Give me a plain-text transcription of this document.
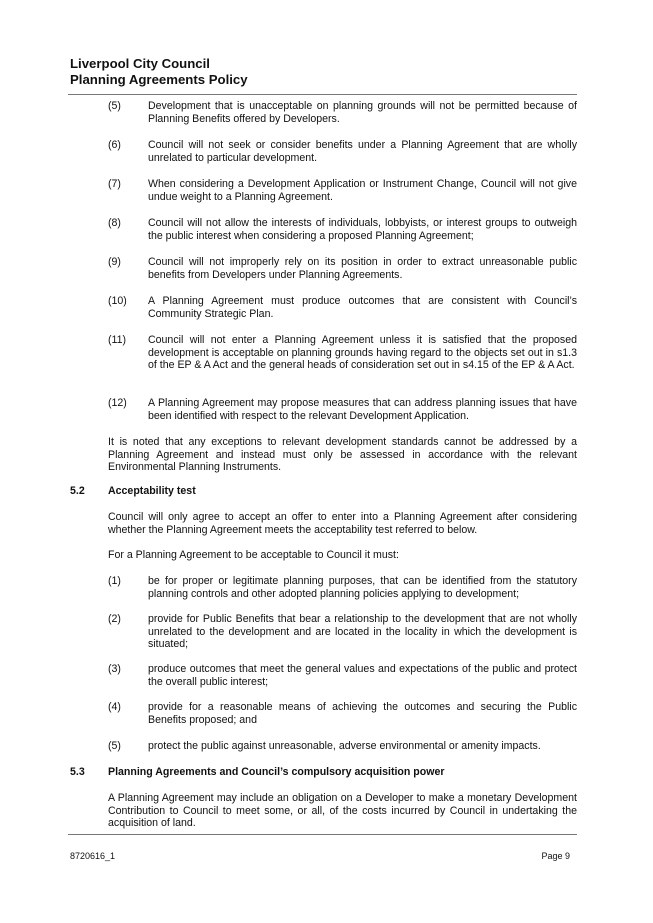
Liverpool City Council
Planning Agreements Policy
(5)	Development that is unacceptable on planning grounds will not be permitted because of Planning Benefits offered by Developers.
(6)	Council will not seek or consider benefits under a Planning Agreement that are wholly unrelated to particular development.
(7)	When considering a Development Application or Instrument Change, Council will not give undue weight to a Planning Agreement.
(8)	Council will not allow the interests of individuals, lobbyists, or interest groups to outweigh the public interest when considering a proposed Planning Agreement;
(9)	Council will not improperly rely on its position in order to extract unreasonable public benefits from Developers under Planning Agreements.
(10) A Planning Agreement must produce outcomes that are consistent with Council’s Community Strategic Plan.
(11) Council will not enter a Planning Agreement unless it is satisfied that the proposed development is acceptable on planning grounds having regard to the objects set out in s1.3 of the EP & A Act and the general heads of consideration set out in s4.15 of the EP & A Act.
(12) A Planning Agreement may propose measures that can address planning issues that have been identified with respect to the relevant Development Application.
It is noted that any exceptions to relevant development standards cannot be addressed by a Planning Agreement and instead must only be assessed in accordance with the relevant Environmental Planning Instruments.
5.2 Acceptability test
Council will only agree to accept an offer to enter into a Planning Agreement after considering whether the Planning Agreement meets the acceptability test referred to below.
For a Planning Agreement to be acceptable to Council it must:
(1)	be for proper or legitimate planning purposes, that can be identified from the statutory planning controls and other adopted planning policies applying to development;
(2)	provide for Public Benefits that bear a relationship to the development that are not wholly unrelated to the development and are located in the locality in which the development is situated;
(3)	produce outcomes that meet the general values and expectations of the public and protect the overall public interest;
(4)	provide for a reasonable means of achieving the outcomes and securing the Public Benefits proposed; and
(5)	protect the public against unreasonable, adverse environmental or amenity impacts.
5.3 Planning Agreements and Council’s compulsory acquisition power
A Planning Agreement may include an obligation on a Developer to make a monetary Development Contribution to Council to meet some, or all, of the costs incurred by Council in undertaking the acquisition of land.
8720616_1	Page 9
